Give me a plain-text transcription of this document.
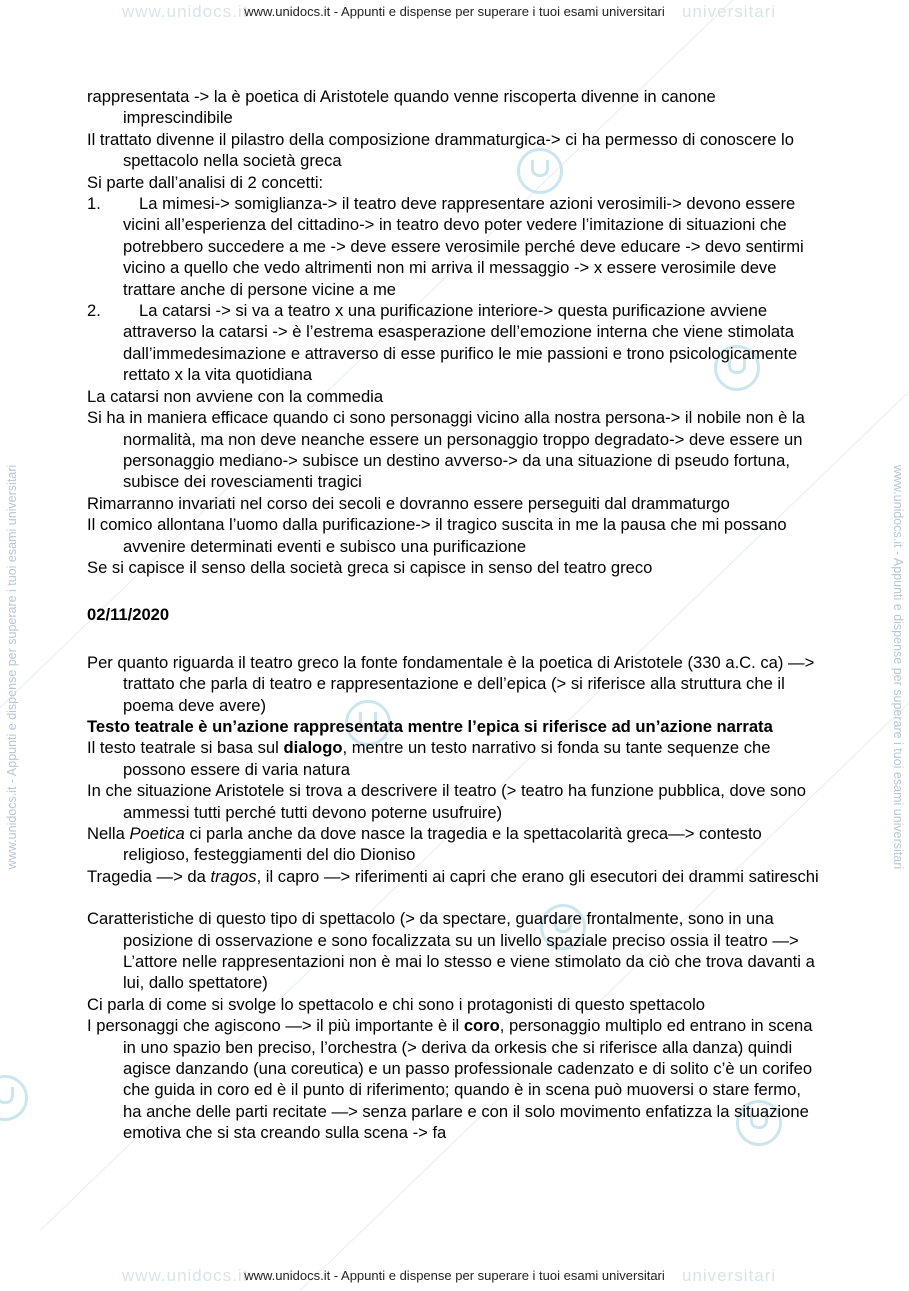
www.unidocs.it	universitari
www.unidocs.it - Appunti e dispense per superare i tuoi esami universitari
www.unidocs.it	universitari
www.unidocs.it - Appunti e dispense per superare i tuoi esami universitari
www.unidocs.it - Appunti e dispense per superare i tuoi esami universitari	www.unidocs.it - Appunti e dispense per superare i tuoi esami universitari

rappresentata -> la è poetica di Aristotele quando venne riscoperta divenne in canone imprescindibile

Il trattato divenne il pilastro della composizione drammaturgica-> ci ha permesso di conoscere lo spettacolo nella società greca

Si parte dall’analisi di 2 concetti:

1.	La mimesi-> somiglianza-> il teatro deve rappresentare azioni verosimili-> devono essere vicini all’esperienza del cittadino-> in teatro devo poter vedere l’imitazione di situazioni che potrebbero succedere a me -> deve essere verosimile perché deve educare -> devo sentirmi vicino a quello che vedo altrimenti non mi arriva il messaggio -> x essere verosimile deve trattare anche di persone vicine a me
2.	La catarsi -> si va a teatro x una purificazione interiore-> questa purificazione avviene attraverso la catarsi -> è l’estrema esasperazione dell’emozione interna che viene stimolata dall’immedesimazione e attraverso di esse purifico le mie passioni e trono psicologicamente rettato x la vita quotidiana

La catarsi non avviene con la commedia

Si ha in maniera efficace quando ci sono personaggi vicino alla nostra persona-> il nobile non è la normalità, ma non deve neanche essere un personaggio troppo degradato-> deve essere un personaggio mediano-> subisce un destino avverso-> da una situazione di pseudo fortuna, subisce dei rovesciamenti tragici

Rimarranno invariati nel corso dei secoli e dovranno essere perseguiti dal drammaturgo

Il comico allontana l’uomo dalla purificazione-> il tragico suscita in me la pausa che mi possano avvenire determinati eventi e subisco una purificazione

Se si capisce il senso della società greca si capisce in senso del teatro greco

02/11/2020

Per quanto riguarda il teatro greco la fonte fondamentale è la poetica di Aristotele (330 a.C. ca) —> trattato che parla di teatro e rappresentazione e dell’epica (> si riferisce alla struttura che il poema deve avere)

Testo teatrale è un’azione rappresentata mentre l’epica si riferisce ad un’azione narrata

Il testo teatrale si basa sul dialogo, mentre un testo narrativo si fonda su tante sequenze che possono essere di varia natura

In che situazione Aristotele si trova a descrivere il teatro (> teatro ha funzione pubblica, dove sono ammessi tutti perché tutti devono poterne usufruire)

Nella Poetica ci parla anche da dove nasce la tragedia e la spettacolarità greca—> contesto religioso, festeggiamenti del dio Dioniso

Tragedia —> da tragos, il capro —> riferimenti ai capri che erano gli esecutori dei drammi satireschi

Caratteristiche di questo tipo di spettacolo (> da spectare, guardare frontalmente, sono in una posizione di osservazione e sono focalizzata su un livello spaziale preciso ossia il teatro —> L’attore nelle rappresentazioni non è mai lo stesso e viene stimolato da ciò che trova davanti a lui, dallo spettatore)

Ci parla di come si svolge lo spettacolo e chi sono i protagonisti di questo spettacolo

I personaggi che agiscono —> il più importante è il coro, personaggio multiplo ed entrano in scena in uno spazio ben preciso, l’orchestra (> deriva da orkesis che si riferisce alla danza) quindi agisce danzando (una coreutica) e un passo professionale cadenzato e di solito c’è un corifeo che guida in coro ed è il punto di riferimento; quando è in scena può muoversi o stare fermo, ha anche delle parti recitate —> senza parlare e con il solo movimento enfatizza la situazione emotiva che si sta creando sulla scena -> fa
